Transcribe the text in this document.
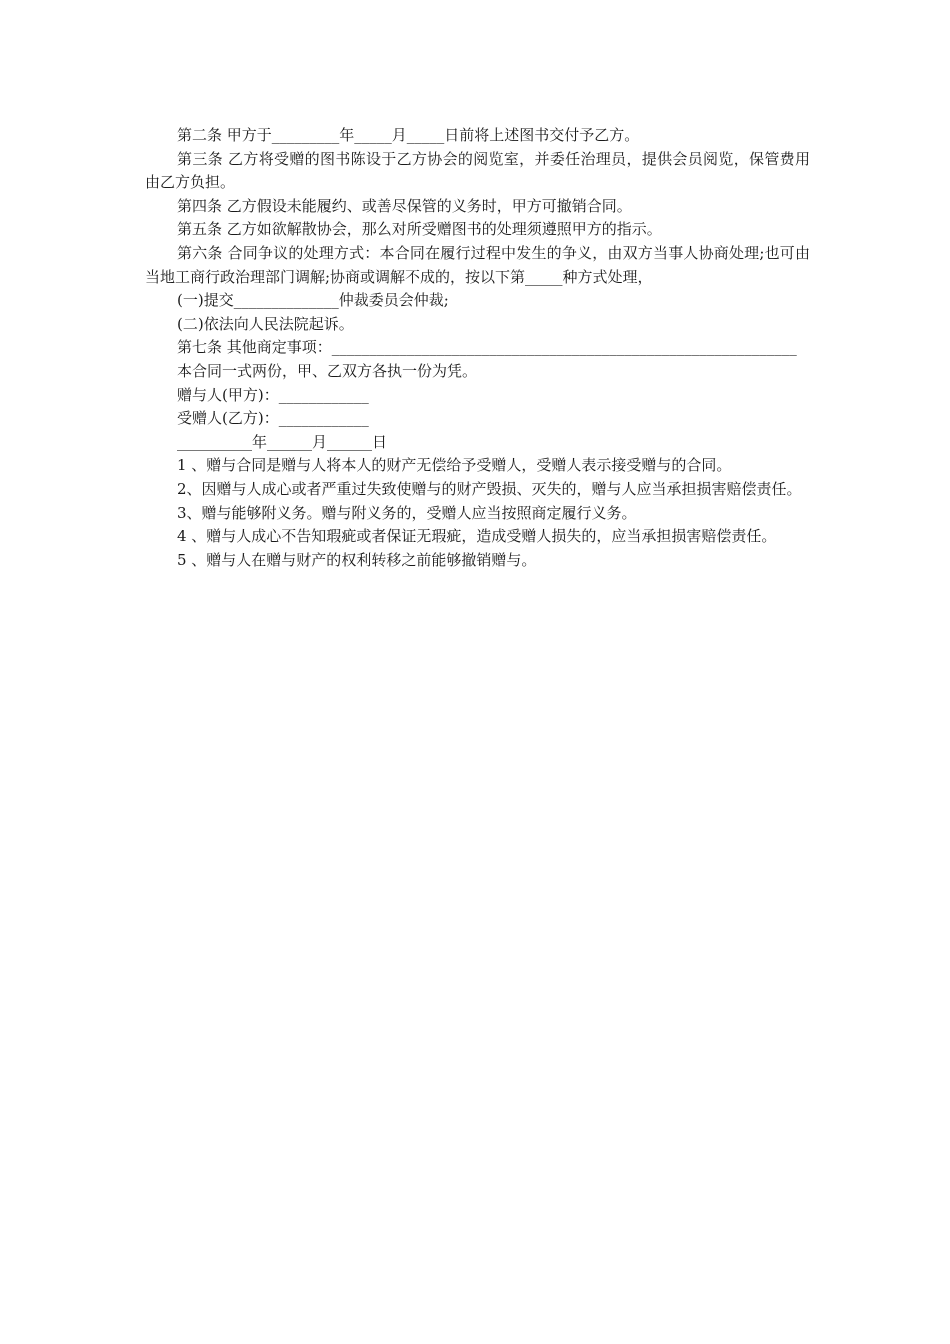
第二条 甲方于_________年_____月_____日前将上述图书交付予乙方。

第三条 乙方将受赠的图书陈设于乙方协会的阅览室，并委任治理员，提供会员阅览，保管费用由乙方负担。

第四条 乙方假设未能履约、或善尽保管的义务时，甲方可撤销合同。

第五条 乙方如欲解散协会，那么对所受赠图书的处理须遵照甲方的指示。

第六条 合同争议的处理方式：本合同在履行过程中发生的争义，由双方当事人协商处理;也可由当地工商行政治理部门调解;协商或调解不成的，按以下第_____种方式处理，

(一)提交______________仲裁委员会仲裁;

(二)依法向人民法院起诉。

第七条 其他商定事项：______________________________________________________________

本合同一式两份，甲、乙双方各执一份为凭。

赠与人(甲方)：____________

受赠人(乙方)：____________

__________年______月______日

1 、赠与合同是赠与人将本人的财产无偿给予受赠人，受赠人表示接受赠与的合同。

2、因赠与人成心或者严重过失致使赠与的财产毁损、灭失的，赠与人应当承担损害赔偿责任。

3、赠与能够附义务。赠与附义务的，受赠人应当按照商定履行义务。

4 、赠与人成心不告知瑕疵或者保证无瑕疵，造成受赠人损失的，应当承担损害赔偿责任。

5 、赠与人在赠与财产的权利转移之前能够撤销赠与。
